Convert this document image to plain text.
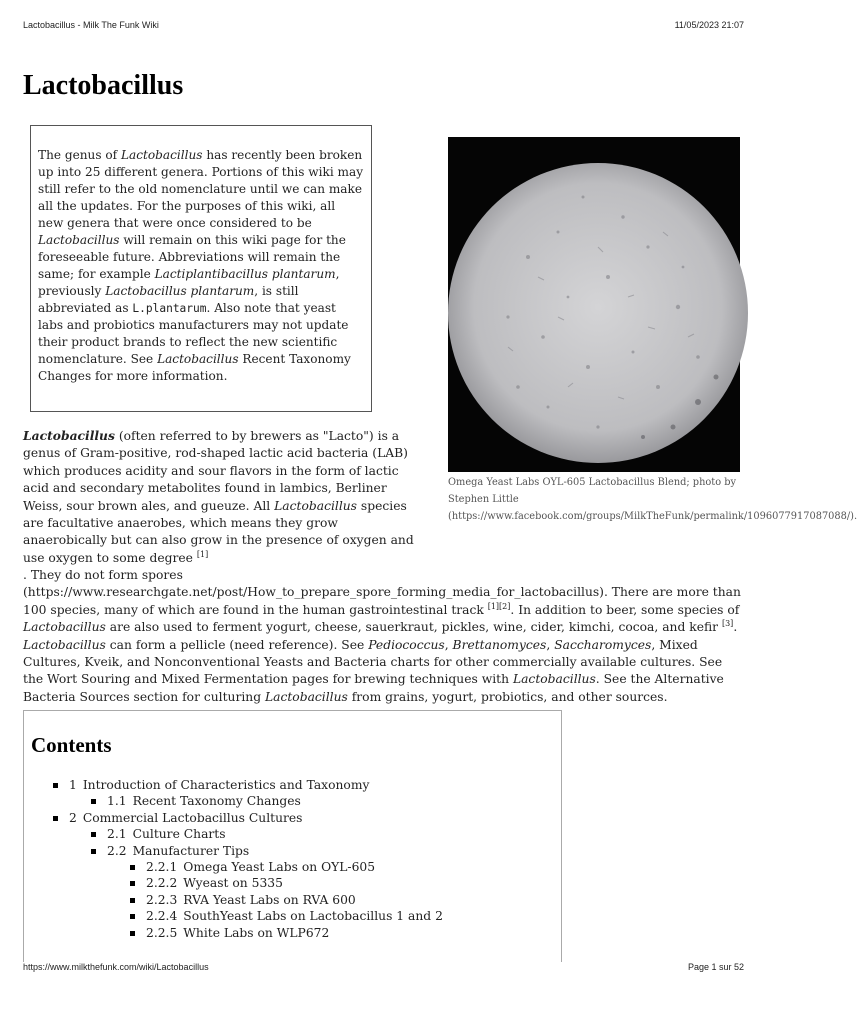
Lactobacillus - Milk The Funk Wiki	11/05/2023 21:07
Lactobacillus
The genus of Lactobacillus has recently been broken up into 25 different genera. Portions of this wiki may still refer to the old nomenclature until we can make all the updates. For the purposes of this wiki, all new genera that were once considered to be Lactobacillus will remain on this wiki page for the foreseeable future. Abbreviations will remain the same; for example Lactiplantibacillus plantarum, previously Lactobacillus plantarum, is still abbreviated as L.plantarum. Also note that yeast labs and probiotics manufacturers may not update their product brands to reflect the new scientific nomenclature. See Lactobacillus Recent Taxonomy Changes for more information.
Omega Yeast Labs OYL-605 Lactobacillus Blend; photo by Stephen Little (https://www.facebook.com/groups/MilkTheFunk/permalink/1096077917087088/).
Lactobacillus (often referred to by brewers as "Lacto") is a genus of Gram-positive, rod-shaped lactic acid bacteria (LAB) which produces acidity and sour flavors in the form of lactic acid and secondary metabolites found in lambics, Berliner Weiss, sour brown ales, and gueuze. All Lactobacillus species are facultative anaerobes, which means they grow anaerobically but can also grow in the presence of oxygen and use oxygen to some degree [1]
. They do not form spores (https://www.researchgate.net/post/How_to_prepare_spore_forming_media_for_lactobacillus). There are more than 100 species, many of which are found in the human gastrointestinal track [1][2]. In addition to beer, some species of Lactobacillus are also used to ferment yogurt, cheese, sauerkraut, pickles, wine, cider, kimchi, cocoa, and kefir [3]. Lactobacillus can form a pellicle (need reference). See Pediococcus, Brettanomyces, Saccharomyces, Mixed Cultures, Kveik, and Nonconventional Yeasts and Bacteria charts for other commercially available cultures. See the Wort Souring and Mixed Fermentation pages for brewing techniques with Lactobacillus. See the Alternative Bacteria Sources section for culturing Lactobacillus from grains, yogurt, probiotics, and other sources.
Contents
1 Introduction of Characteristics and Taxonomy
1.1 Recent Taxonomy Changes
2 Commercial Lactobacillus Cultures
2.1 Culture Charts
2.2 Manufacturer Tips
2.2.1 Omega Yeast Labs on OYL-605
2.2.2 Wyeast on 5335
2.2.3 RVA Yeast Labs on RVA 600
2.2.4 SouthYeast Labs on Lactobacillus 1 and 2
2.2.5 White Labs on WLP672
https://www.milkthefunk.com/wiki/Lactobacillus	Page 1 sur 52
